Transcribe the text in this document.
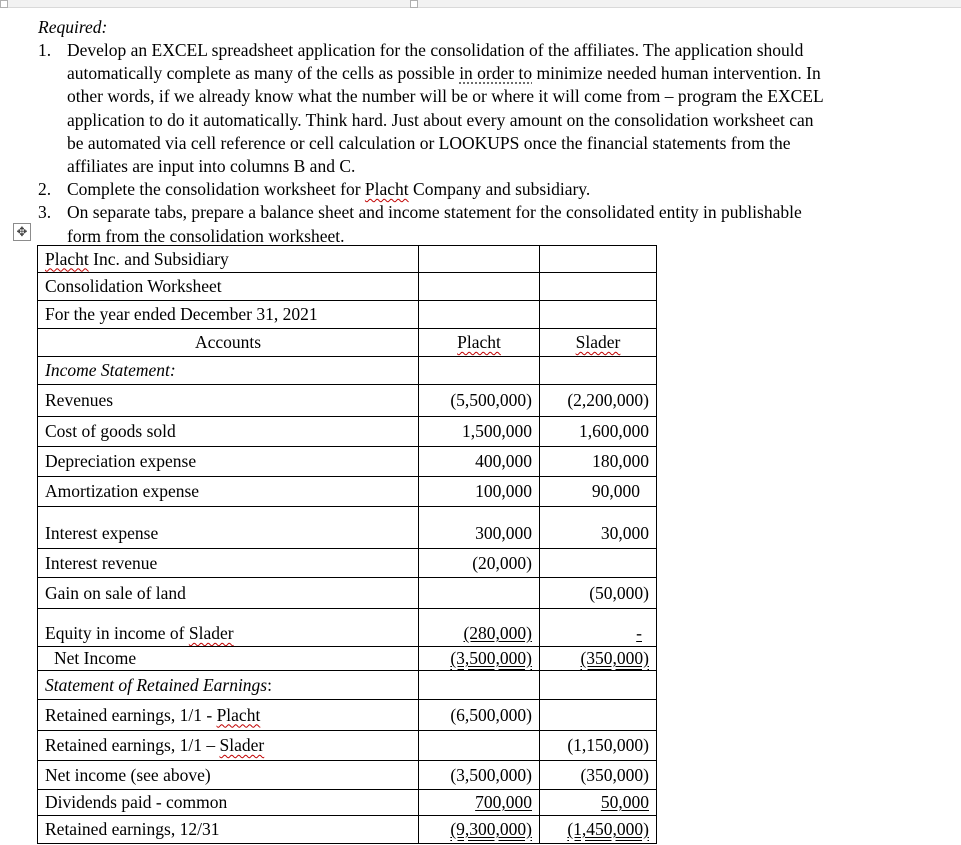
Required:
1. Develop an EXCEL spreadsheet application for the consolidation of the affiliates. The application should
automatically complete as many of the cells as possible in order to minimize needed human intervention. In
other words, if we already know what the number will be or where it will come from – program the EXCEL
application to do it automatically. Think hard. Just about every amount on the consolidation worksheet can
be automated via cell reference or cell calculation or LOOKUPS once the financial statements from the
affiliates are input into columns B and C.
2. Complete the consolidation worksheet for Placht Company and subsidiary.
3. On separate tabs, prepare a balance sheet and income statement for the consolidated entity in publishable
form from the consolidation worksheet.
✥
Placht Inc. and Subsidiary		
Consolidation Worksheet		
For the year ended December 31, 2021		
Accounts	Placht	Slader
Income Statement:		
Revenues	(5,500,000)	(2,200,000)
Cost of goods sold	1,500,000	1,600,000
Depreciation expense	400,000	180,000
Amortization expense	100,000	90,000
Interest expense	300,000	30,000
Interest revenue	(20,000)	
Gain on sale of land		(50,000)
Equity in income of Slader	(280,000)	-
Net Income	(3,500,000)	(350,000)
Statement of Retained Earnings:		
Retained earnings, 1/1 - Placht	(6,500,000)	
Retained earnings, 1/1 – Slader		(1,150,000)
Net income (see above)	(3,500,000)	(350,000)
Dividends paid - common	700,000	50,000
Retained earnings, 12/31	(9,300,000)	(1,450,000)
